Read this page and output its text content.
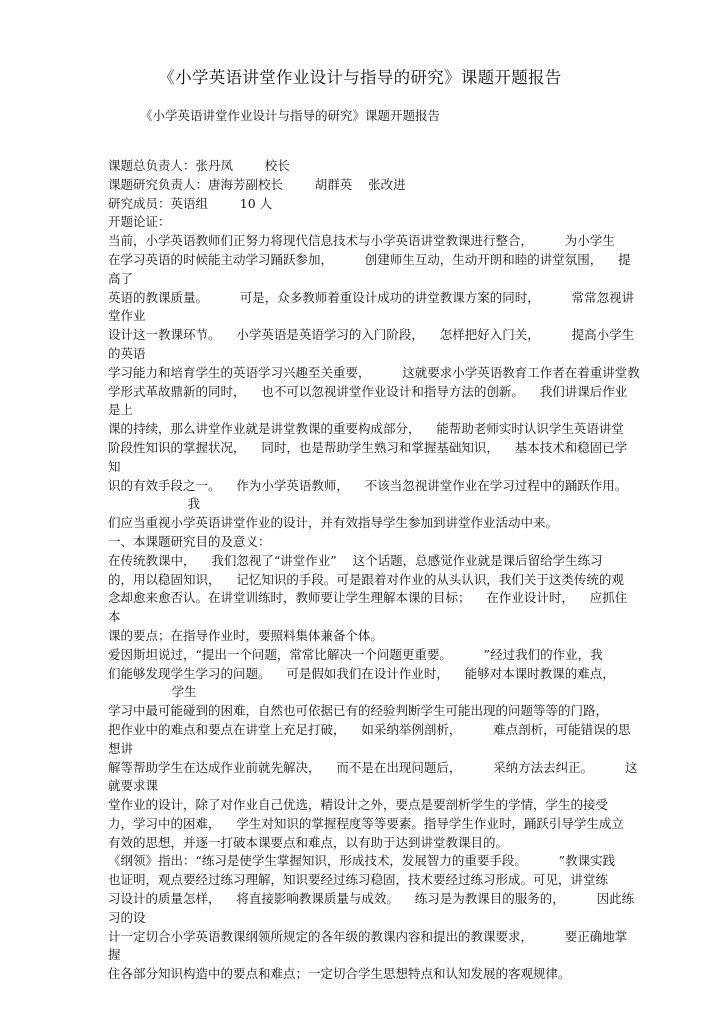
《小学英语讲堂作业设计与指导的研究》课题开题报告
《小学英语讲堂作业设计与指导的研究》课题开题报告
课题总负责人：张丹凤        校长
课题研究负责人：唐海芳副校长        胡群英    张改进
研究成员：英语组        10 人
开题论证：
当前，小学英语教师们正努力将现代信息技术与小学英语讲堂教课进行整合，        为小学生
在学习英语的时候能主动学习踊跃参加，        创建师生互动，生动开朗和睦的讲堂氛围，    提
高了
英语的教课质量。        可是，众多教师着重设计成功的讲堂教课方案的同时，        常常忽视讲
堂作业
设计这一教课环节。    小学英语是英语学习的入门阶段，    怎样把好入门关，        提高小学生
的英语
学习能力和培育学生的英语学习兴趣至关重要，        这就要求小学英语教育工作者在着重讲堂教
学形式革故鼎新的同时，    也不可以忽视讲堂作业设计和指导方法的创新。    我们讲课后作业
是上
课的持续，那么讲堂作业就是讲堂教课的重要构成部分，    能帮助老师实时认识学生英语讲堂
阶段性知识的掌握状况，    同时，也是帮助学生熟习和掌握基础知识，    基本技术和稳固已学
知
识的有效手段之一。    作为小学英语教师，    不该当忽视讲堂作业在学习过程中的踊跃作用。
我
们应当重视小学英语讲堂作业的设计，并有效指导学生参加到讲堂作业活动中来。
一、本课题研究目的及意义：
在传统教课中，    我们忽视了“讲堂作业”    这个话题，总感觉作业就是课后留给学生练习
的，用以稳固知识，    记忆知识的手段。可是跟着对作业的从头认识，我们关于这类传统的观
念却愈来愈否认。在讲堂训练时，教师要让学生理解本课的目标；    在作业设计时，    应抓住
本
课的要点；在指导作业时，要照料集体兼备个体。
爱因斯坦说过，“提出一个问题，常常比解决一个问题更重要。        ”经过我们的作业，我
们能够发现学生学习的问题。    可是假如我们在设计作业时，    能够对本课时教课的难点，
学生
学习中最可能碰到的困难，自然也可依据已有的经验判断学生可能出现的问题等等的门路，
把作业中的难点和要点在讲堂上充足打破，    如采纳举例剖析，        难点剖析，可能错误的思
想讲
解等帮助学生在达成作业前就先解决，    而不是在出现问题后，        采纳方法去纠正。        这
就要求课
堂作业的设计，除了对作业自己优选，精设计之外，要点是要剖析学生的学情，学生的接受
力，学习中的困难，    学生对知识的掌握程度等等要素。指导学生作业时，踊跃引导学生成立
有效的思想，并逐一打破本课要点和难点，以有助于达到讲堂教课目的。
《纲领》指出：“练习是使学生掌握知识，形成技术，发展智力的重要手段。        ”教课实践
也证明，观点要经过练习理解，知识要经过练习稳固，技术要经过练习形成。可见，讲堂练
习设计的质量怎样，    将直接影响教课质量与成效。    练习是为教课目的服务的，        因此练
习的设
计一定切合小学英语教课纲领所规定的各年级的教课内容和提出的教课要求，        要正确地掌
握
住各部分知识构造中的要点和难点；一定切合学生思想特点和认知发展的客观规律。
